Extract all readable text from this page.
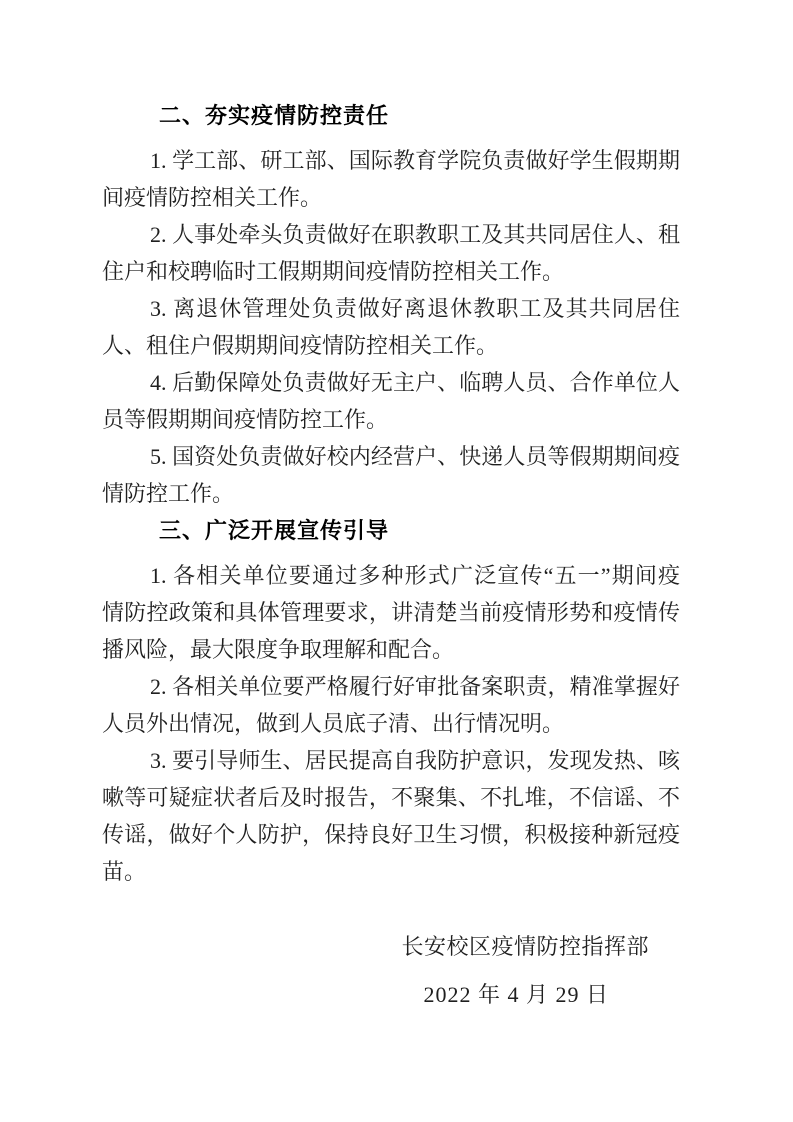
二、夯实疫情防控责任
1. 学工部、研工部、国际教育学院负责做好学生假期期
间疫情防控相关工作。
2. 人事处牵头负责做好在职教职工及其共同居住人、租
住户和校聘临时工假期期间疫情防控相关工作。
3. 离退休管理处负责做好离退休教职工及其共同居住
人、租住户假期期间疫情防控相关工作。
4. 后勤保障处负责做好无主户、临聘人员、合作单位人
员等假期期间疫情防控工作。
5. 国资处负责做好校内经营户、快递人员等假期期间疫
情防控工作。
三、广泛开展宣传引导
1. 各相关单位要通过多种形式广泛宣传“五一”期间疫
情防控政策和具体管理要求，讲清楚当前疫情形势和疫情传
播风险，最大限度争取理解和配合。
2. 各相关单位要严格履行好审批备案职责，精准掌握好
人员外出情况，做到人员底子清、出行情况明。
3. 要引导师生、居民提高自我防护意识，发现发热、咳
嗽等可疑症状者后及时报告，不聚集、不扎堆，不信谣、不
传谣，做好个人防护，保持良好卫生习惯，积极接种新冠疫
苗。
长安校区疫情防控指挥部
2022 年 4 月 29 日
